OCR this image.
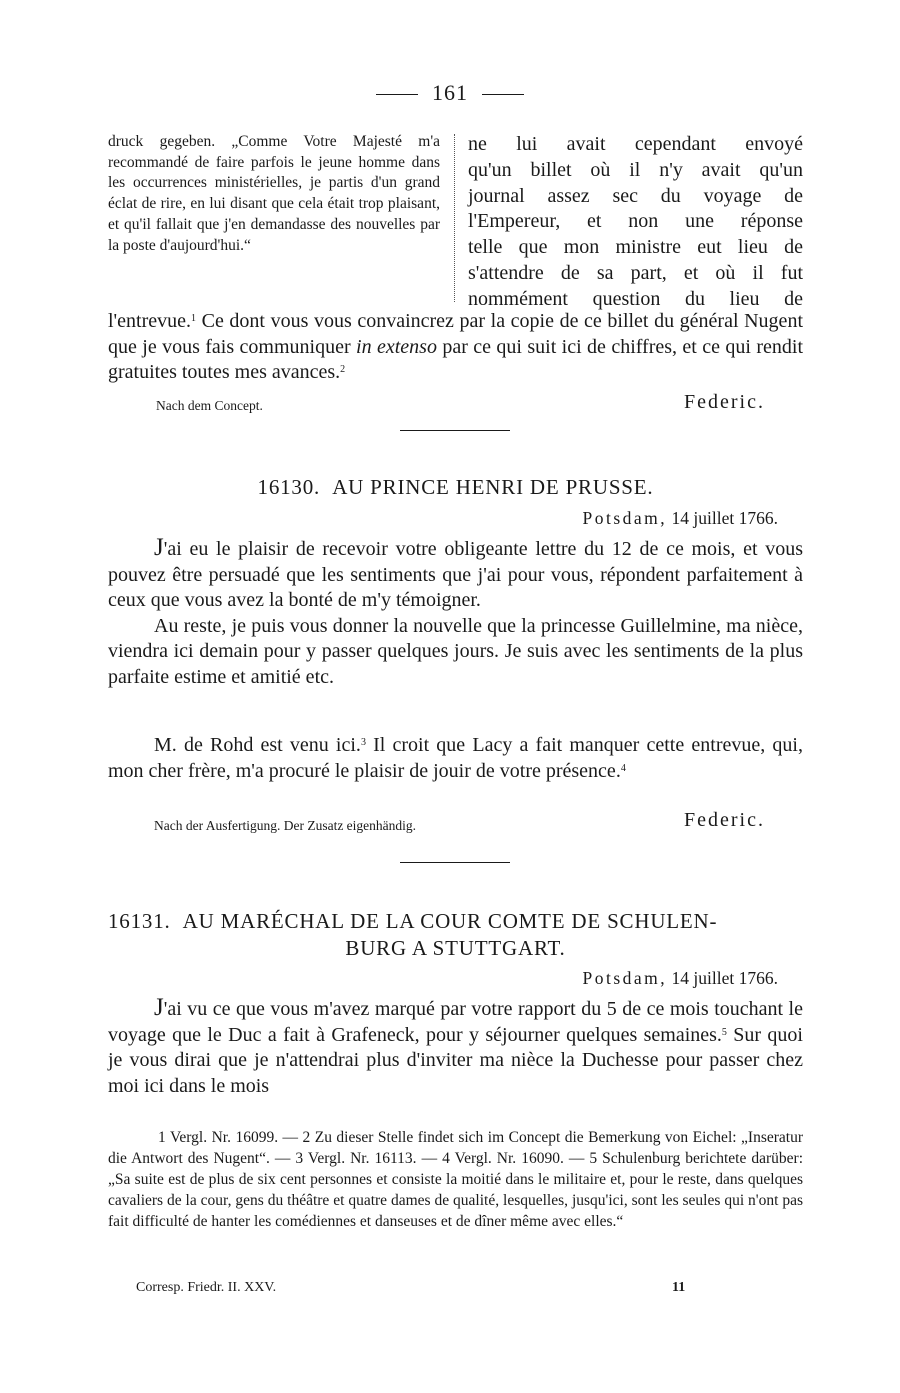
161
druck gegeben. „Comme Votre Majesté m'a recommandé de faire parfois le jeune homme dans les occurrences ministérielles, je partis d'un grand éclat de rire, en lui disant que cela était trop plaisant, et qu'il fallait que j'en demandasse des nouvelles par la poste d'aujourd'hui.“

ne lui avait cependant envoyé

qu'un billet où il n'y avait qu'un

journal assez sec du voyage de

l'Empereur, et non une réponse

telle que mon ministre eut lieu de

s'attendre de sa part, et où il fut

nommément question du lieu de

l'entrevue.$^1$ Ce dont vous vous convaincrez par la copie de ce billet du général Nugent que je vous fais communiquer in extenso par ce qui suit ici de chiffres, et ce qui rendit gratuites toutes mes avances.$^2$

Nach dem Concept.	Federic.
16130. AU PRINCE HENRI DE PRUSSE.
Potsdam, 14 juillet 1766.

J'ai eu le plaisir de recevoir votre obligeante lettre du 12 de ce mois, et vous pouvez être persuadé que les sentiments que j'ai pour vous, répondent parfaitement à ceux que vous avez la bonté de m'y témoigner.

Au reste, je puis vous donner la nouvelle que la princesse Guillelmine, ma nièce, viendra ici demain pour y passer quelques jours. Je suis avec les sentiments de la plus parfaite estime et amitié etc.

M. de Rohd est venu ici.$^3$ Il croit que Lacy a fait manquer cette entrevue, qui, mon cher frère, m'a procuré le plaisir de jouir de votre présence.$^4$

Nach der Ausfertigung. Der Zusatz eigenhändig.	Federic.
16131. AU MARÉCHAL DE LA COUR COMTE DE SCHULEN-
BURG A STUTTGART.
Potsdam, 14 juillet 1766.

J'ai vu ce que vous m'avez marqué par votre rapport du 5 de ce mois touchant le voyage que le Duc a fait à Grafeneck, pour y séjourner quelques semaines.$^5$ Sur quoi je vous dirai que je n'attendrai plus d'inviter ma nièce la Duchesse pour passer chez moi ici dans le mois

1 Vergl. Nr. 16099. — 2 Zu dieser Stelle findet sich im Concept die Bemerkung von Eichel: „Inseratur die Antwort des Nugent“. — 3 Vergl. Nr. 16113. — 4 Vergl. Nr. 16090. — 5 Schulenburg berichtete darüber: „Sa suite est de plus de six cent personnes et consiste la moitié dans le militaire et, pour le reste, dans quelques cavaliers de la cour, gens du théâtre et quatre dames de qualité, lesquelles, jusqu'ici, sont les seules qui n'ont pas fait difficulté de hanter les comédiennes et danseuses et de dîner même avec elles.“

Corresp. Friedr. II. XXV.	11
